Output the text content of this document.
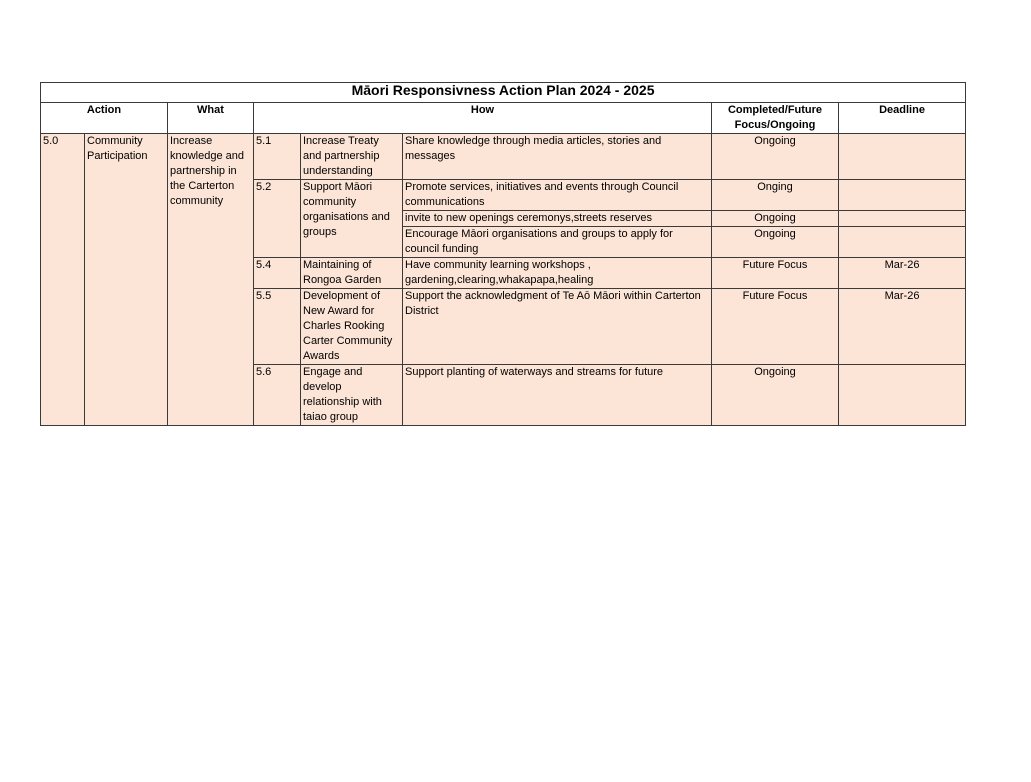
Māori Responsivness Action Plan 2024 - 2025							
Action		What	How			Completed/Future Focus/Ongoing	Deadline
5.0	Community Participation	Increase knowledge and partnership in the Carterton community	5.1	Increase Treaty and partnership understanding	Share knowledge through media articles, stories and messages	Ongoing	
			5.2	Support Māori community organisations and groups	Promote services, initiatives and events through Council communications	Onging	
					invite to new openings ceremonys,streets reserves	Ongoing	
					Encourage Māori organisations and groups to apply for council funding	Ongoing	
			5.4	Maintaining of Rongoa Garden	Have community learning workshops , gardening,clearing,whakapapa,healing	Future Focus	Mar-26
			5.5	Development of New Award for Charles Rooking Carter Community Awards	Support the acknowledgment of Te Aō Māori within Carterton District	Future Focus	Mar-26
			5.6	Engage and develop relationship with taiao group	Support planting of waterways and streams for future	Ongoing	
